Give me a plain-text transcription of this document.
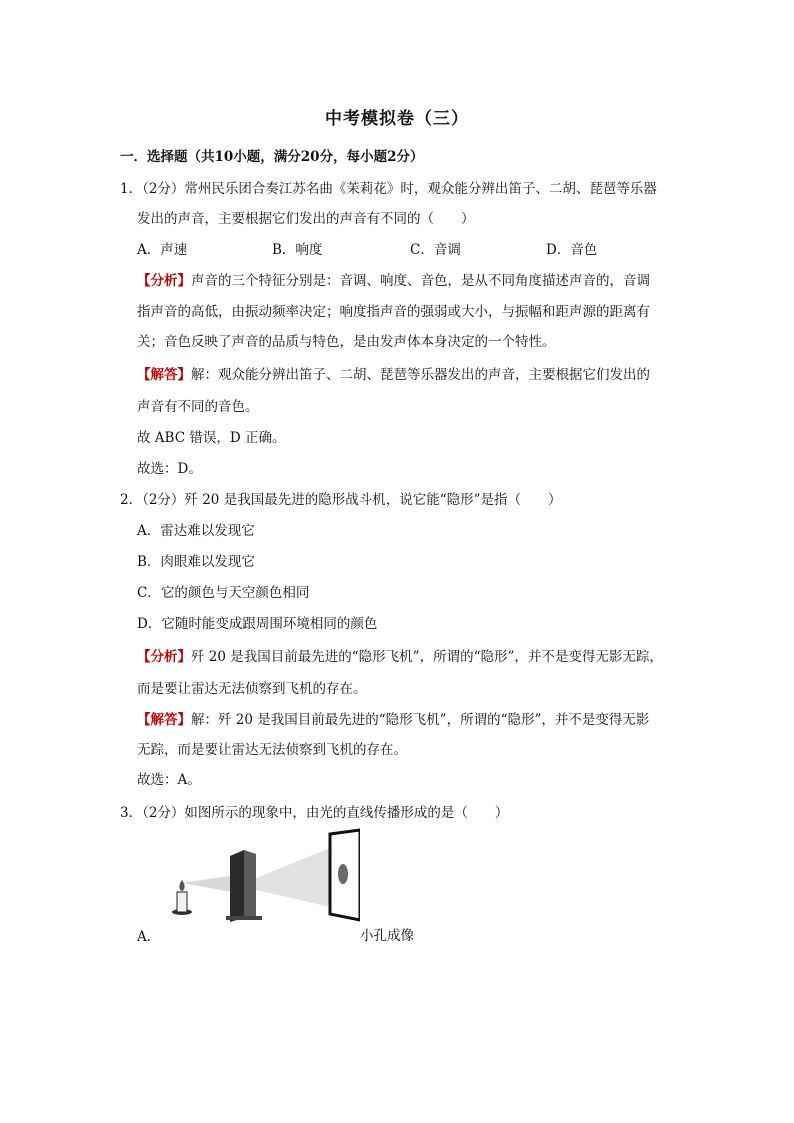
中考模拟卷（三）
一．选择题（共10小题，满分20分，每小题2分）
1．（2分）常州民乐团合奏江苏名曲《茉莉花》时，观众能分辨出笛子、二胡、琵琶等乐器
发出的声音，主要根据它们发出的声音有不同的（　　）
A．声速	B．响度	C．音调	D．音色
【分析】声音的三个特征分别是：音调、响度、音色，是从不同角度描述声音的，音调
指声音的高低，由振动频率决定；响度指声音的强弱或大小，与振幅和距声源的距离有
关；音色反映了声音的品质与特色，是由发声体本身决定的一个特性。
【解答】解：观众能分辨出笛子、二胡、琵琶等乐器发出的声音，主要根据它们发出的
声音有不同的音色。
故 ABC 错误，D 正确。
故选：D。
2．（2分）歼 20 是我国最先进的隐形战斗机，说它能“隐形”是指（　　）
A．雷达难以发现它
B．肉眼难以发现它
C．它的颜色与天空颜色相同
D．它随时能变成跟周围环境相同的颜色
【分析】歼 20 是我国目前最先进的“隐形飞机”，所谓的“隐形”，并不是变得无影无踪，
而是要让雷达无法侦察到飞机的存在。
【解答】解：歼 20 是我国目前最先进的“隐形飞机”，所谓的“隐形”，并不是变得无影
无踪，而是要让雷达无法侦察到飞机的存在。
故选：A。
3．（2分）如图所示的现象中，由光的直线传播形成的是（　　）
A．	小孔成像
